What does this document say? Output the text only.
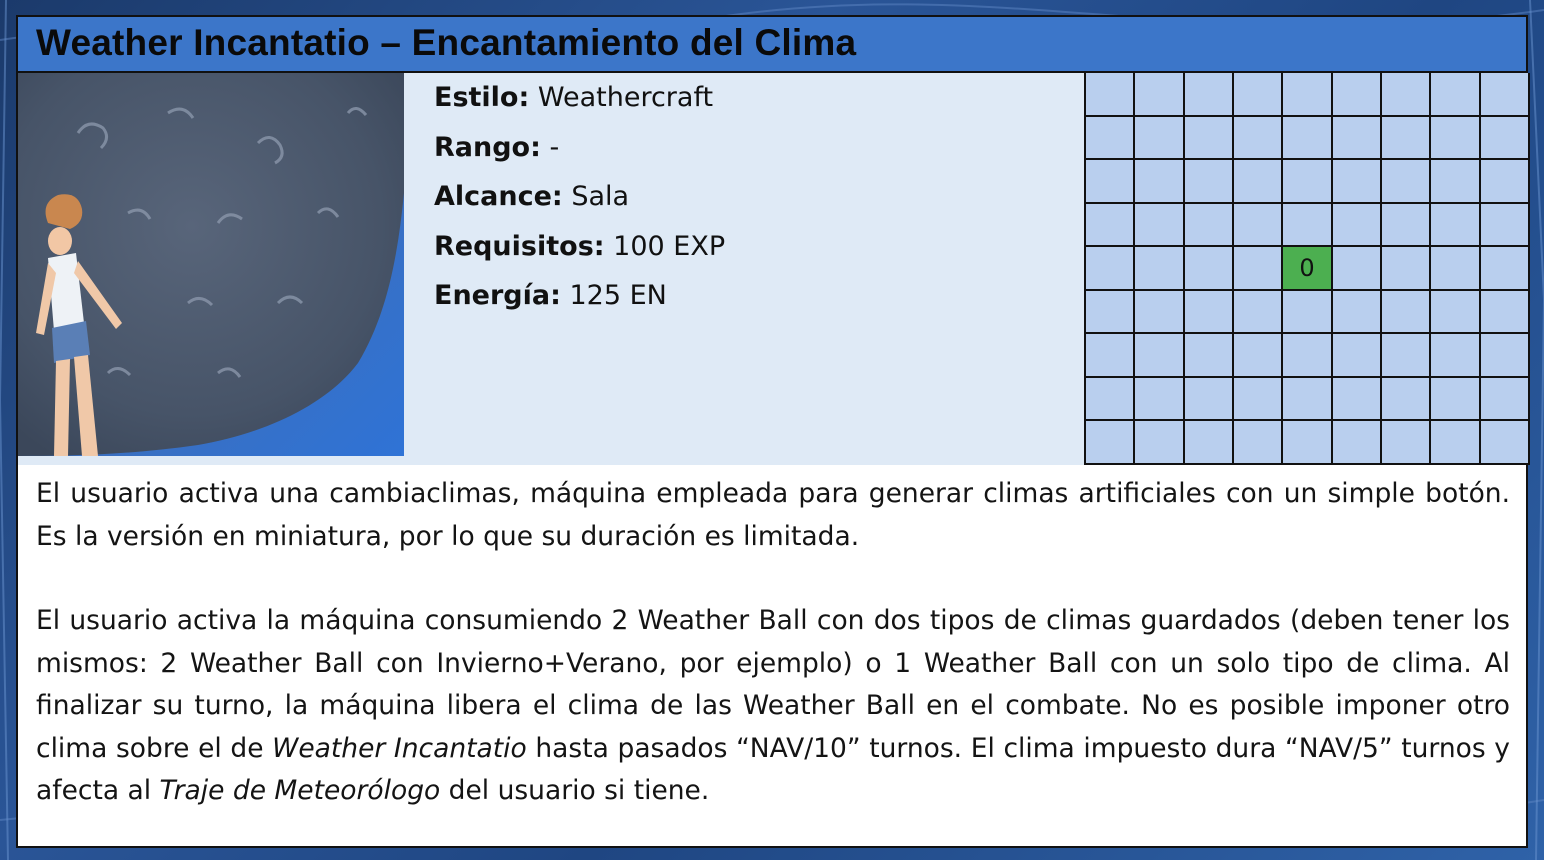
Weather Incantatio – Encantamiento del Clima
Estilo: Weathercraft
Rango: -
Alcance: Sala
Requisitos: 100 EXP
Energía: 125 EN
0

El usuario activa una cambiaclimas, máquina empleada para generar climas artificiales con un simple botón. Es la versión en miniatura, por lo que su duración es limitada.

El usuario activa la máquina consumiendo 2 Weather Ball con dos tipos de climas guardados (deben tener los mismos: 2 Weather Ball con Invierno+Verano, por ejemplo) o 1 Weather Ball con un solo tipo de clima. Al finalizar su turno, la máquina libera el clima de las Weather Ball en el combate. No es posible imponer otro clima sobre el de Weather Incantatio hasta pasados “NAV/10” turnos. El clima impuesto dura “NAV/5” turnos y afecta al Traje de Meteorólogo del usuario si tiene.
